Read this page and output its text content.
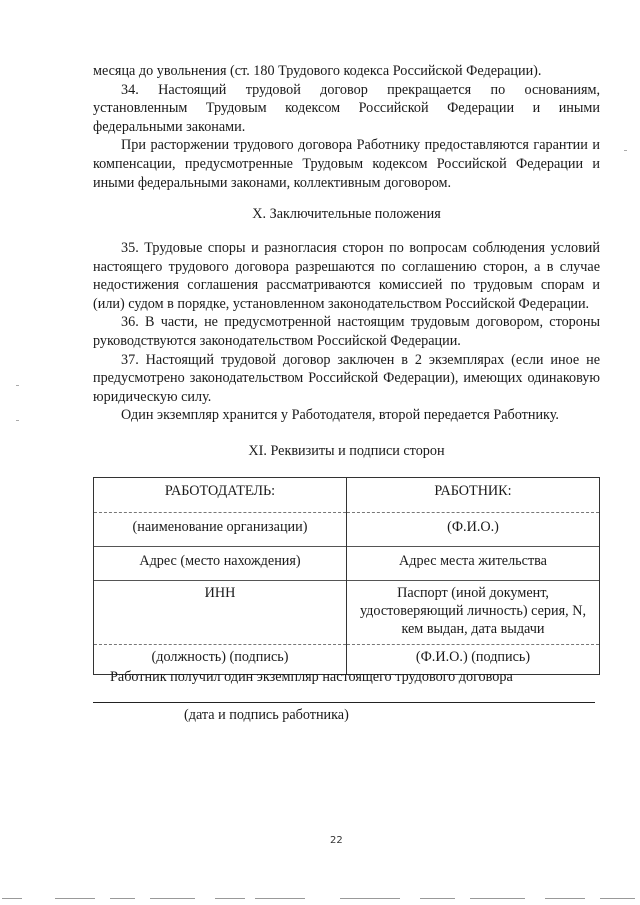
месяца до увольнения (ст. 180 Трудового кодекса Российской Федерации).

34. Настоящий трудовой договор прекращается по основаниям, установленным Трудовым кодексом Российской Федерации и иными федеральными законами.

При расторжении трудового договора Работнику предоставляются гарантии и компенсации, предусмотренные Трудовым кодексом Российской Федерации и иными федеральными законами, коллективным договором.

X. Заключительные положения

35. Трудовые споры и разногласия сторон по вопросам соблюдения условий настоящего трудового договора разрешаются по соглашению сторон, а в случае недостижения соглашения рассматриваются комиссией по трудовым спорам и (или) судом в порядке, установленном законодательством Российской Федерации.

36. В части, не предусмотренной настоящим трудовым договором, стороны руководствуются законодательством Российской Федерации.

37. Настоящий трудовой договор заключен в 2 экземплярах (если иное не предусмотрено законодательством Российской Федерации), имеющих одинаковую юридическую силу.

Один экземпляр хранится у Работодателя, второй передается Работнику.

XI. Реквизиты и подписи сторон
РАБОТОДАТЕЛЬ:	РАБОТНИК:
(наименование организации)	(Ф.И.О.)
Адрес (место нахождения)	Адрес места жительства
ИНН	Паспорт (иной документ, удостоверяющий личность) серия, N, кем выдан, дата выдачи
(должность) (подпись)	(Ф.И.О.) (подпись)
Работник получил один экземпляр настоящего трудового договора
(дата и подпись работника)
22
